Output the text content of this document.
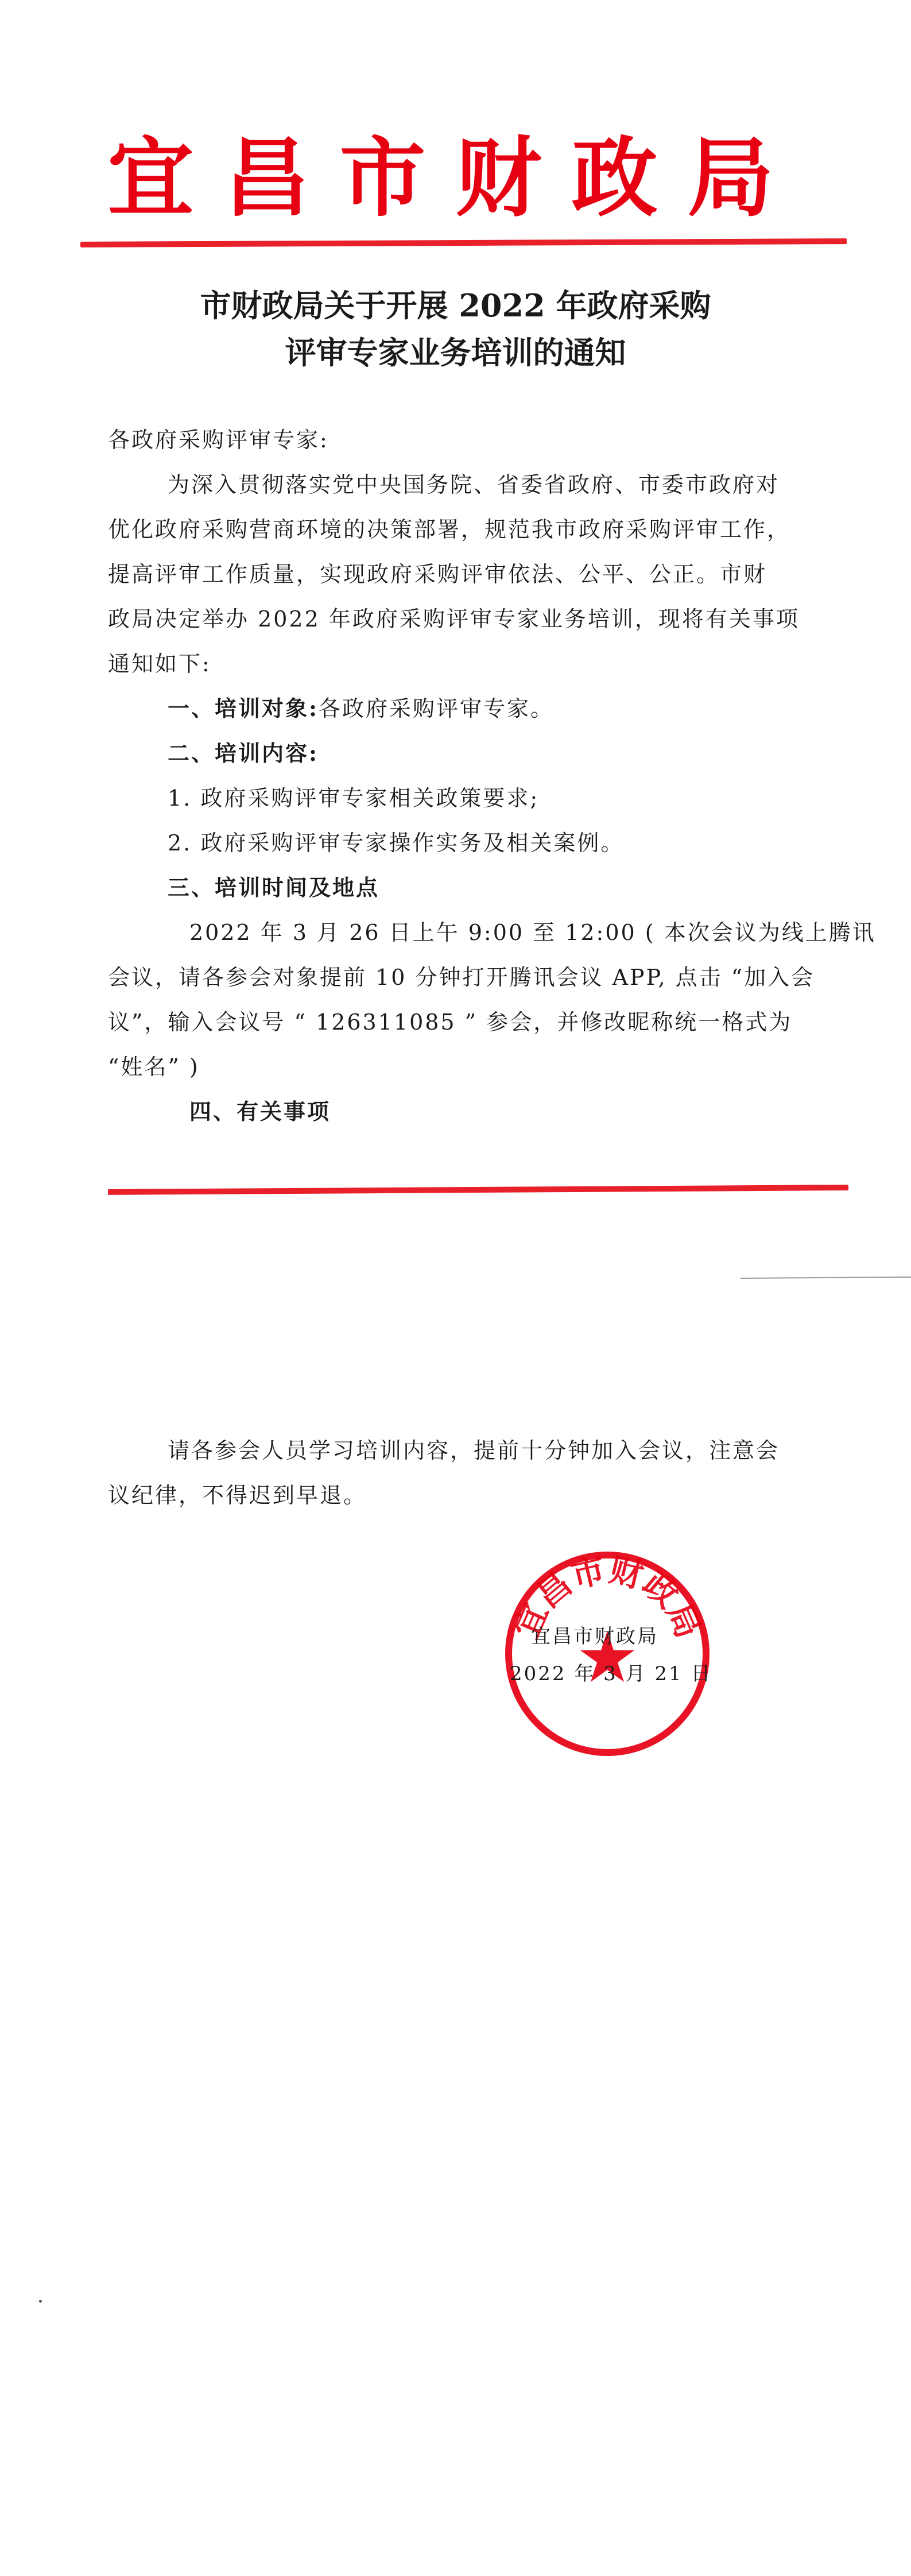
宜昌市财政局
市财政局关于开展 2022 年政府采购
评审专家业务培训的通知
各政府采购评审专家:
为深入贯彻落实党中央国务院、省委省政府、市委市政府对
优化政府采购营商环境的决策部署，规范我市政府采购评审工作，
提高评审工作质量，实现政府采购评审依法、公平、公正。市财
政局决定举办 2022 年政府采购评审专家业务培训，现将有关事项
通知如下:
一、培训对象:各政府采购评审专家。
二、培训内容:
1. 政府采购评审专家相关政策要求;
2. 政府采购评审专家操作实务及相关案例。
三、培训时间及地点
2022 年 3 月 26 日上午 9:00 至 12:00 ( 本次会议为线上腾讯
会议，请各参会对象提前 10 分钟打开腾讯会议 APP, 点击 “加入会
议”，输入会议号 “ 126311085 ” 参会，并修改昵称统一格式为
“姓名” )
四、有关事项
请各参会人员学习培训内容，提前十分钟加入会议，注意会
议纪律，不得迟到早退。
宜昌市财政局
宜昌市财政局
2022 年 3 月 21 日
